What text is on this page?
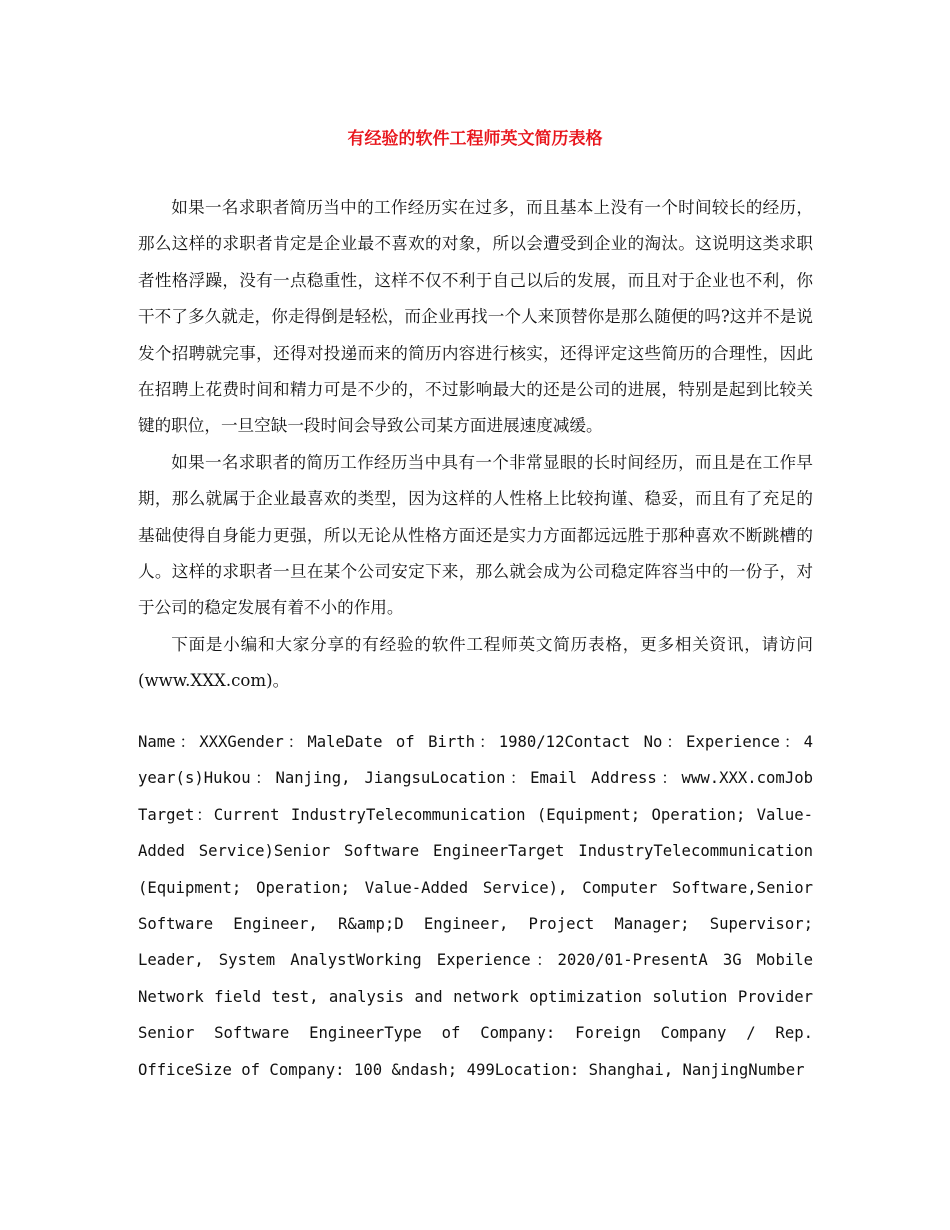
有经验的软件工程师英文简历表格

如果一名求职者简历当中的工作经历实在过多，而且基本上没有一个时间较长的经历，那么这样的求职者肯定是企业最不喜欢的对象，所以会遭受到企业的淘汰。这说明这类求职者性格浮躁，没有一点稳重性，这样不仅不利于自己以后的发展，而且对于企业也不利，你干不了多久就走，你走得倒是轻松，而企业再找一个人来顶替你是那么随便的吗?这并不是说发个招聘就完事，还得对投递而来的简历内容进行核实，还得评定这些简历的合理性，因此在招聘上花费时间和精力可是不少的，不过影响最大的还是公司的进展，特别是起到比较关键的职位，一旦空缺一段时间会导致公司某方面进展速度减缓。

如果一名求职者的简历工作经历当中具有一个非常显眼的长时间经历，而且是在工作早期，那么就属于企业最喜欢的类型，因为这样的人性格上比较拘谨、稳妥，而且有了充足的基础使得自身能力更强，所以无论从性格方面还是实力方面都远远胜于那种喜欢不断跳槽的人。这样的求职者一旦在某个公司安定下来，那么就会成为公司稳定阵容当中的一份子，对于公司的稳定发展有着不小的作用。

下面是小编和大家分享的有经验的软件工程师英文简历表格，更多相关资讯，请访问(www.XXX.com)。

Name：XXXGender：MaleDate of Birth：1980/12Contact No：Experience：4 year(s)Hukou：Nanjing, JiangsuLocation：Email Address：www.XXX.comJob Target：Current IndustryTelecommunication (Equipment; Operation; Value-Added Service)Senior Software EngineerTarget IndustryTelecommunication (Equipment; Operation; Value-Added Service), Computer Software,Senior Software Engineer, R&amp;D Engineer, Project Manager; Supervisor; Leader, System AnalystWorking Experience：2020/01-PresentA 3G Mobile Network field test, analysis and network optimization solution Provider Senior Software EngineerType of Company: Foreign Company / Rep. OfficeSize of Company: 100 &ndash; 499Location: Shanghai, NanjingNumber
